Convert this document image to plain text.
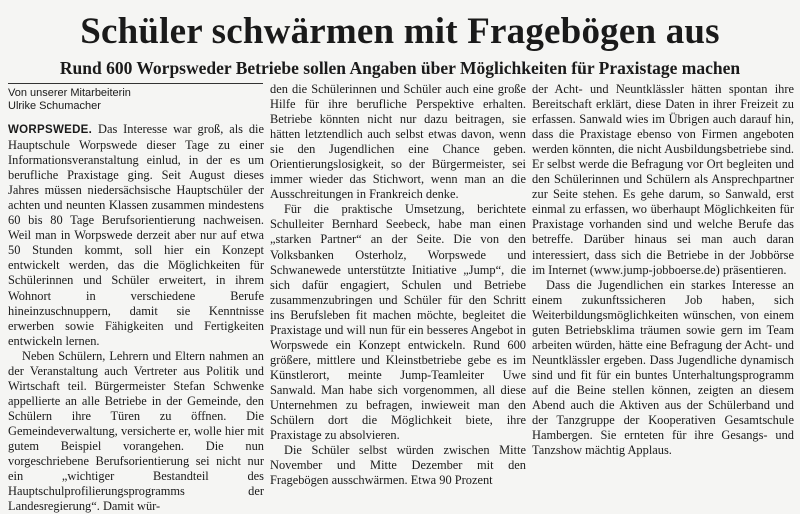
Schüler schwärmen mit Fragebögen aus
Rund 600 Worpsweder Betriebe sollen Angaben über Möglichkeiten für Praxistage machen
Von unserer Mitarbeiterin
Ulrike Schumacher

WORPSWEDE. Das Interesse war groß, als die Hauptschule Worpswede dieser Tage zu einer Informationsveranstaltung einlud, in der es um berufliche Praxistage ging. Seit August dieses Jahres müssen niedersächsische Hauptschüler der achten und neunten Klassen zusammen mindestens 60 bis 80 Tage Berufsorientierung nachweisen. Weil man in Worpswede derzeit aber nur auf etwa 50 Stunden kommt, soll hier ein Konzept entwickelt werden, das die Möglichkeiten für Schülerinnen und Schüler erweitert, in ihrem Wohnort in verschiedene Berufe hineinzuschnuppern, damit sie Kenntnisse erwerben sowie Fähigkeiten und Fertigkeiten entwickeln lernen.

Neben Schülern, Lehrern und Eltern nahmen an der Veranstaltung auch Vertreter aus Politik und Wirtschaft teil. Bürgermeister Stefan Schwenke appellierte an alle Betriebe in der Gemeinde, den Schülern ihre Türen zu öffnen. Die Gemeindeverwaltung, versicherte er, wolle hier mit gutem Beispiel vorangehen. Die nun vorgeschriebene Berufsorientierung sei nicht nur ein „wichtiger Bestandteil des Hauptschulprofilierungsprogramms der Landesregierung“. Damit wür-

den die Schülerinnen und Schüler auch eine große Hilfe für ihre berufliche Perspektive erhalten. Betriebe könnten nicht nur dazu beitragen, sie hätten letztendlich auch selbst etwas davon, wenn sie den Jugendlichen eine Chance geben. Orientierungslosigkeit, so der Bürgermeister, sei immer wieder das Stichwort, wenn man an die Ausschreitungen in Frankreich denke.

Für die praktische Umsetzung, berichtete Schulleiter Bernhard Seebeck, habe man einen „starken Partner“ an der Seite. Die von den Volksbanken Osterholz, Worpswede und Schwanewede unterstützte Initiative „Jump“, die sich dafür engagiert, Schulen und Betriebe zusammenzubringen und Schüler für den Schritt ins Berufsleben fit machen möchte, begleitet die Praxistage und will nun für ein besseres Angebot in Worpswede ein Konzept entwickeln. Rund 600 größere, mittlere und Kleinstbetriebe gebe es im Künstlerort, meinte Jump-Teamleiter Uwe Sanwald. Man habe sich vorgenommen, all diese Unternehmen zu befragen, inwieweit man den Schülern dort die Möglichkeit biete, ihre Praxistage zu absolvieren.

Die Schüler selbst würden zwischen Mitte November und Mitte Dezember mit den Fragebögen ausschwärmen. Etwa 90 Prozent

der Acht- und Neuntklässler hätten spontan ihre Bereitschaft erklärt, diese Daten in ihrer Freizeit zu erfassen. Sanwald wies im Übrigen auch darauf hin, dass die Praxistage ebenso von Firmen angeboten werden könnten, die nicht Ausbildungsbetriebe sind. Er selbst werde die Befragung vor Ort begleiten und den Schülerinnen und Schülern als Ansprechpartner zur Seite stehen. Es gehe darum, so Sanwald, erst einmal zu erfassen, wo überhaupt Möglichkeiten für Praxistage vorhanden sind und welche Berufe das betreffe. Darüber hinaus sei man auch daran interessiert, dass sich die Betriebe in der Jobbörse im Internet (www.jump-jobboerse.de) präsentieren.

Dass die Jugendlichen ein starkes Interesse an einem zukunftssicheren Job haben, sich Weiterbildungsmöglichkeiten wünschen, von einem guten Betriebsklima träumen sowie gern im Team arbeiten würden, hätte eine Befragung der Acht- und Neuntklässler ergeben. Dass Jugendliche dynamisch sind und fit für ein buntes Unterhaltungsprogramm auf die Beine stellen können, zeigten an diesem Abend auch die Aktiven aus der Schülerband und der Tanzgruppe der Kooperativen Gesamtschule Hambergen. Sie ernteten für ihre Gesangs- und Tanzshow mächtig Applaus.
